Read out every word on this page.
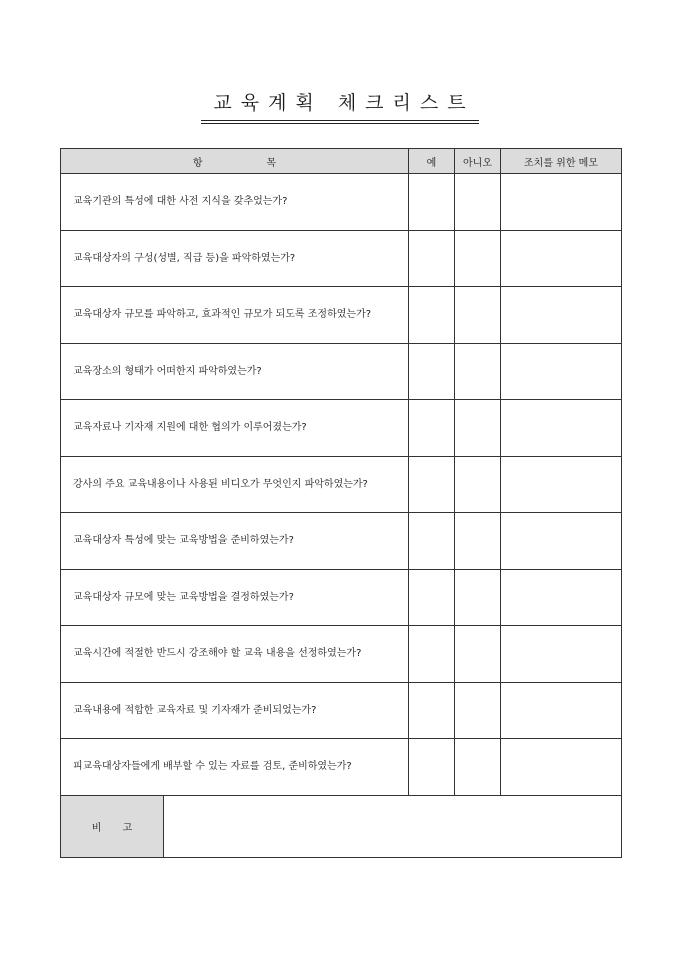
교육계획 체크리스트
항 목		예	아니오	조치를 위한 메모
교육기관의 특성에 대한 사전 지식을 갖추었는가?				
교육대상자의 구성(성별, 직급 등)을 파악하였는가?				
교육대상자 규모를 파악하고, 효과적인 규모가 되도록 조정하였는가?				
교육장소의 형태가 어떠한지 파악하였는가?				
교육자료나 기자재 지원에 대한 협의가 이루어졌는가?				
강사의 주요 교육내용이나 사용된 비디오가 무엇인지 파악하였는가?				
교육대상자 특성에 맞는 교육방법을 준비하였는가?				
교육대상자 규모에 맞는 교육방법을 결정하였는가?				
교육시간에 적절한 반드시 강조해야 할 교육 내용을 선정하였는가?				
교육내용에 적합한 교육자료 및 기자재가 준비되었는가?				
피교육대상자들에게 배부할 수 있는 자료를 검토, 준비하였는가?				
비 고				
